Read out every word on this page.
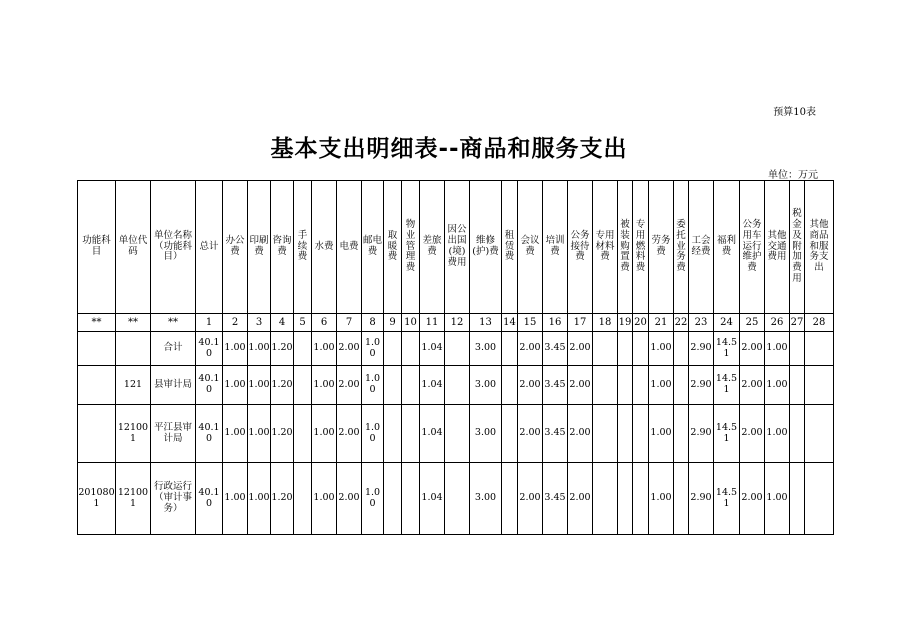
预算10表
基本支出明细表--商品和服务支出
单位：万元
功能科目	单位代码	单位名称（功能科目）	总计	办公费	印刷费	咨询费	手续费	水费	电费	邮电费	取暖费	物业管理费	差旅费	因公出国(境)费用	维修(护)费	租赁费	会议费	培训费	公务接待费	专用材料费	被装购置费	专用燃料费	劳务费	委托业务费	工会经费	福利费	公务用车运行维护费	其他交通费用	税金及附加费用	其他商品和服务支出
**	**	**	1	2	3	4	5	6	7	8	9	10	11	12	13	14	15	16	17	18	19	20	21	22	23	24	25	26	27	28
		合计	40.10	1.00	1.00	1.20		1.00	2.00	1.00			1.04		3.00		2.00	3.45	2.00				1.00		2.90	14.51	2.00	1.00		
	121	县审计局	40.10	1.00	1.00	1.20		1.00	2.00	1.00			1.04		3.00		2.00	3.45	2.00				1.00		2.90	14.51	2.00	1.00		
	121001	平江县审计局	40.10	1.00	1.00	1.20		1.00	2.00	1.00			1.04		3.00		2.00	3.45	2.00				1.00		2.90	14.51	2.00	1.00		
2010801	121001	行政运行（审计事务）	40.10	1.00	1.00	1.20		1.00	2.00	1.00			1.04		3.00		2.00	3.45	2.00				1.00		2.90	14.51	2.00	1.00		
